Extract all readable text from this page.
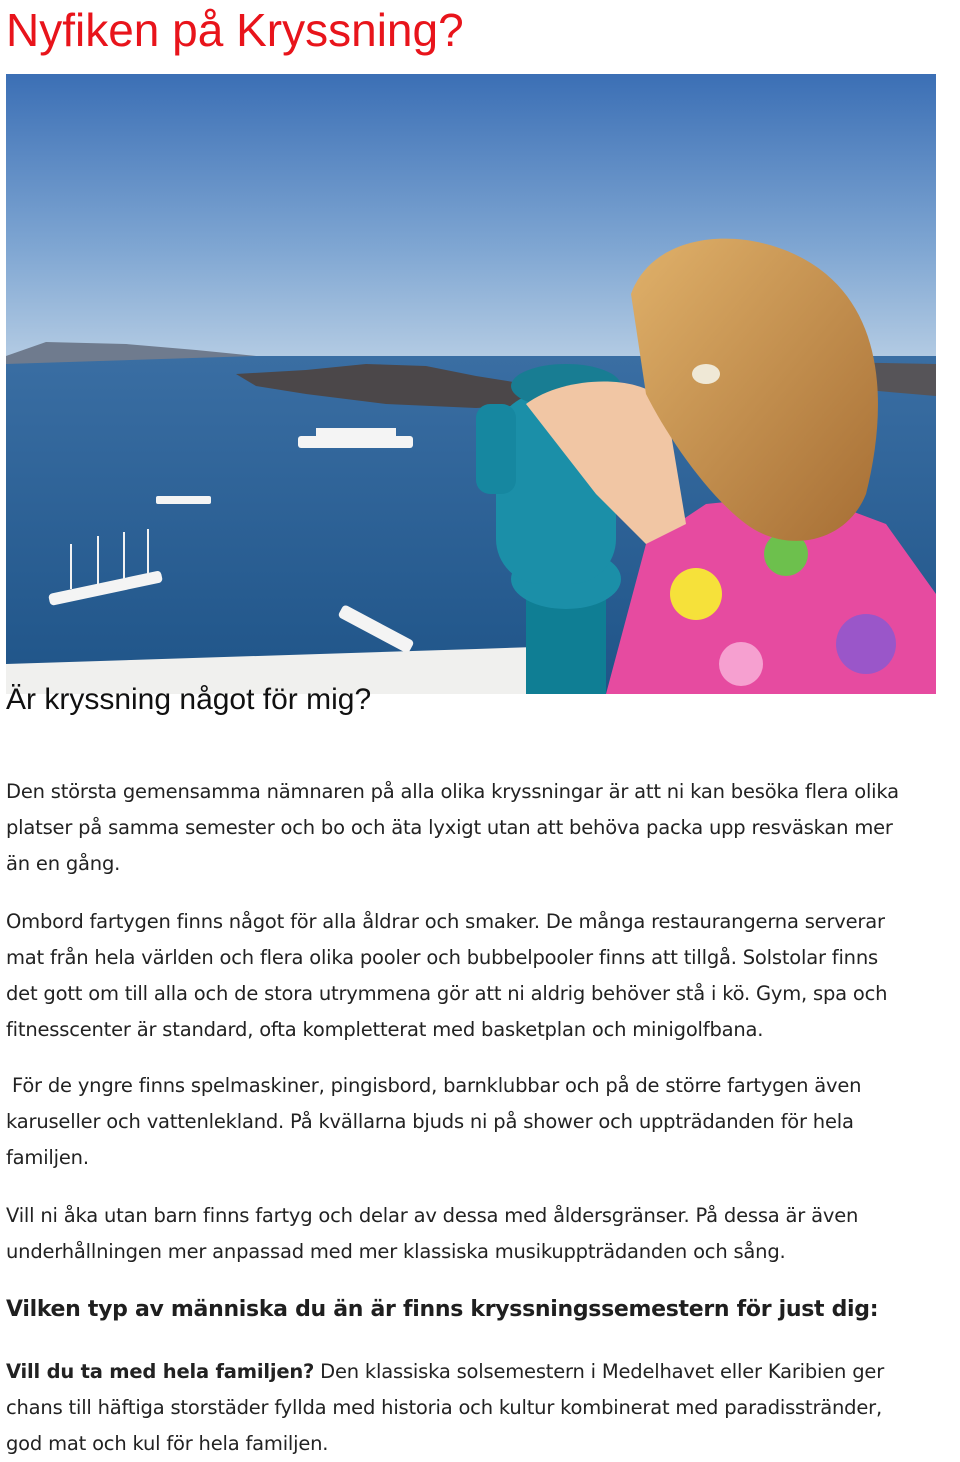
Nyfiken på Kryssning?
Är kryssning något för mig?

Den största gemensamma nämnaren på alla olika kryssningar är att ni kan besöka flera olika
platser på samma semester och bo och äta lyxigt utan att behöva packa upp resväskan mer
än en gång.

Ombord fartygen finns något för alla åldrar och smaker. De många restaurangerna serverar
mat från hela världen och flera olika pooler och bubbelpooler finns att tillgå. Solstolar finns
det gott om till alla och de stora utrymmena gör att ni aldrig behöver stå i kö. Gym, spa och
fitnesscenter är standard, ofta kompletterat med basketplan och minigolfbana.

För de yngre finns spelmaskiner, pingisbord, barnklubbar och på de större fartygen även
karuseller och vattenlekland. På kvällarna bjuds ni på shower och uppträdanden för hela
familjen.

Vill ni åka utan barn finns fartyg och delar av dessa med åldersgränser. På dessa är även
underhållningen mer anpassad med mer klassiska musikuppträdanden och sång.

Vilken typ av människa du än är finns kryssningssemestern för just dig:

Vill du ta med hela familjen? Den klassiska solsemestern i Medelhavet eller Karibien ger
chans till häftiga storstäder fyllda med historia och kultur kombinerat med paradisstränder,
god mat och kul för hela familjen.
